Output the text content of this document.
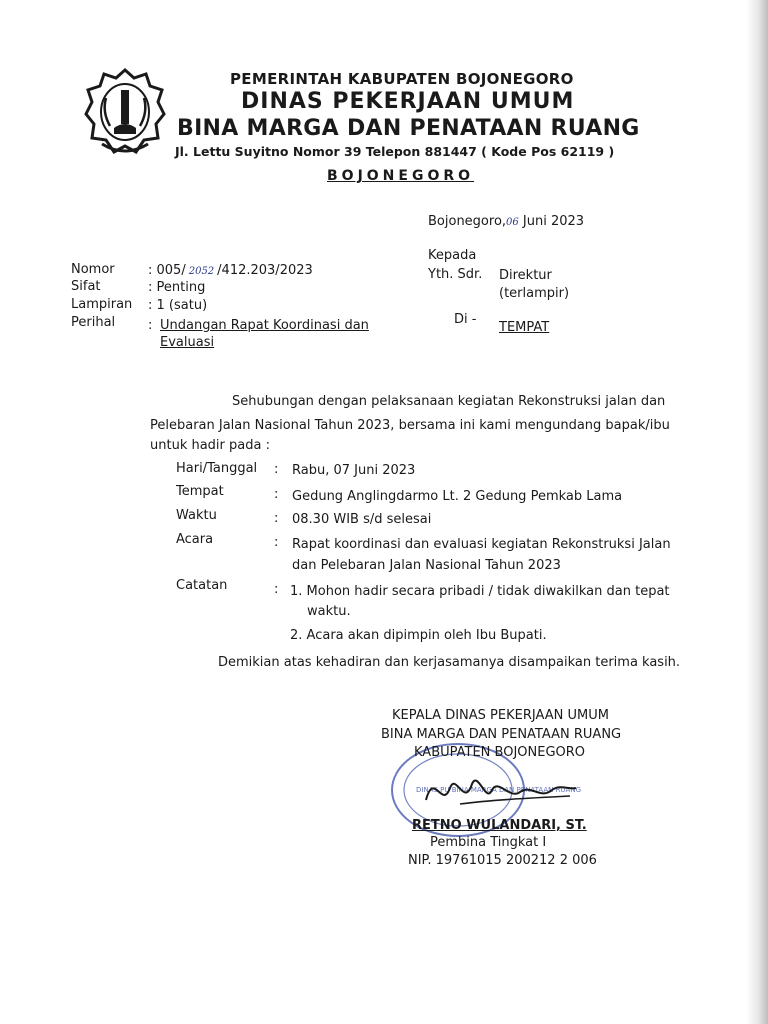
PEMERINTAH KABUPATEN BOJONEGORO
DINAS PEKERJAAN UMUM
BINA MARGA DAN PENATAAN RUANG
Jl. Lettu Suyitno Nomor 39 Telepon 881447 ( Kode Pos 62119 )
BOJONEGORO
Bojonegoro,06 Juni 2023
Kepada
Yth. Sdr. Direktur
(terlampir)
Di -
TEMPAT
Nomor	: 005/ 2052 /412.203/2023
Sifat	: Penting
Lampiran : 1 (satu)
Perihal	: Undangan Rapat Koordinasi dan
Evaluasi
Sehubungan dengan pelaksanaan kegiatan Rekonstruksi jalan dan
Pelebaran Jalan Nasional Tahun 2023, bersama ini kami mengundang bapak/ibu
untuk hadir pada :
Hari/Tanggal : Rabu, 07 Juni 2023
Tempat	: Gedung Anglingdarmo Lt. 2 Gedung Pemkab Lama
Waktu	: 08.30 WIB s/d selesai
Acara	: Rapat koordinasi dan evaluasi kegiatan Rekonstruksi Jalan
dan Pelebaran Jalan Nasional Tahun 2023
Catatan	: 1. Mohon hadir secara pribadi / tidak diwakilkan dan tepat
waktu.
2. Acara akan dipimpin oleh Ibu Bupati.
Demikian atas kehadiran dan kerjasamanya disampaikan terima kasih.
DINAS PU BINA MARGA DAN PENATAAN RUANG
KEPALA DINAS PEKERJAAN UMUM
BINA MARGA DAN PENATAAN RUANG
KABUPATEN BOJONEGORO
RETNO WULANDARI, ST.
Pembina Tingkat I
NIP. 19761015 200212 2 006
